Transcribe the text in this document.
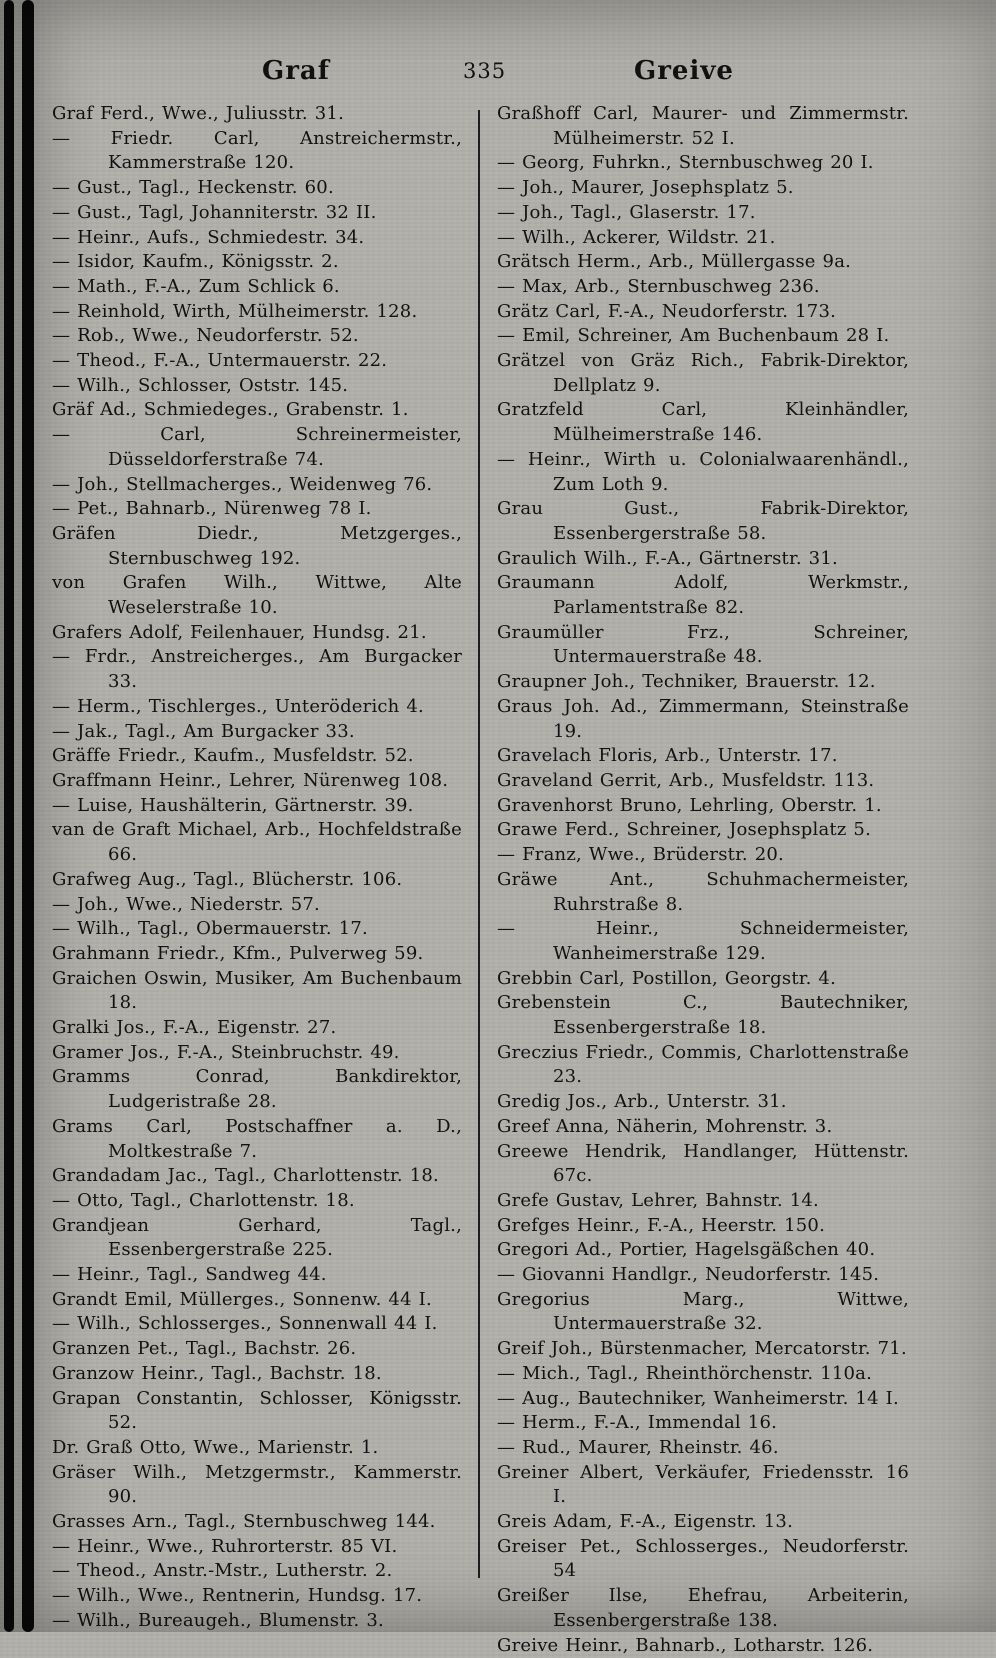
Graf	335	Greive
Graf Ferd., Wwe., Juliusstr. 31.
— Friedr. Carl, Anstreichermstr., Kammerstraße 120.
— Gust., Tagl., Heckenstr. 60.
— Gust., Tagl, Johanniterstr. 32 II.
— Heinr., Aufs., Schmiedestr. 34.
— Isidor, Kaufm., Königsstr. 2.
— Math., F.-A., Zum Schlick 6.
— Reinhold, Wirth, Mülheimerstr. 128.
— Rob., Wwe., Neudorferstr. 52.
— Theod., F.-A., Untermauerstr. 22.
— Wilh., Schlosser, Oststr. 145.
Gräf Ad., Schmiedeges., Grabenstr. 1.
— Carl, Schreinermeister, Düsseldorferstraße 74.
— Joh., Stellmacherges., Weidenweg 76.
— Pet., Bahnarb., Nürenweg 78 I.
Gräfen Diedr., Metzgerges., Sternbuschweg 192.
von Grafen Wilh., Wittwe, Alte Weselerstraße 10.
Grafers Adolf, Feilenhauer, Hundsg. 21.
— Frdr., Anstreicherges., Am Burgacker 33.
— Herm., Tischlerges., Unteröderich 4.
— Jak., Tagl., Am Burgacker 33.
Gräffe Friedr., Kaufm., Musfeldstr. 52.
Graffmann Heinr., Lehrer, Nürenweg 108.
— Luise, Haushälterin, Gärtnerstr. 39.
van de Graft Michael, Arb., Hochfeldstraße 66.
Grafweg Aug., Tagl., Blücherstr. 106.
— Joh., Wwe., Niederstr. 57.
— Wilh., Tagl., Obermauerstr. 17.
Grahmann Friedr., Kfm., Pulverweg 59.
Graichen Oswin, Musiker, Am Buchenbaum 18.
Gralki Jos., F.-A., Eigenstr. 27.
Gramer Jos., F.-A., Steinbruchstr. 49.
Gramms Conrad, Bankdirektor, Ludgeristraße 28.
Grams Carl, Postschaffner a. D., Moltkestraße 7.
Grandadam Jac., Tagl., Charlottenstr. 18.
— Otto, Tagl., Charlottenstr. 18.
Grandjean Gerhard, Tagl., Essenbergerstraße 225.
— Heinr., Tagl., Sandweg 44.
Grandt Emil, Müllerges., Sonnenw. 44 I.
— Wilh., Schlosserges., Sonnenwall 44 I.
Granzen Pet., Tagl., Bachstr. 26.
Granzow Heinr., Tagl., Bachstr. 18.
Grapan Constantin, Schlosser, Königsstr. 52.
Dr. Graß Otto, Wwe., Marienstr. 1.
Gräser Wilh., Metzgermstr., Kammerstr. 90.
Grasses Arn., Tagl., Sternbuschweg 144.
— Heinr., Wwe., Ruhrorterstr. 85 VI.
— Theod., Anstr.-Mstr., Lutherstr. 2.
— Wilh., Wwe., Rentnerin, Hundsg. 17.
— Wilh., Bureaugeh., Blumenstr. 3.
Graßhoff Carl, Maurer- und Zimmermstr. Mülheimerstr. 52 I.
— Georg, Fuhrkn., Sternbuschweg 20 I.
— Joh., Maurer, Josephsplatz 5.
— Joh., Tagl., Glaserstr. 17.
— Wilh., Ackerer, Wildstr. 21.
Grätsch Herm., Arb., Müllergasse 9a.
— Max, Arb., Sternbuschweg 236.
Grätz Carl, F.-A., Neudorferstr. 173.
— Emil, Schreiner, Am Buchenbaum 28 I.
Grätzel von Gräz Rich., Fabrik-Direktor, Dellplatz 9.
Gratzfeld Carl, Kleinhändler, Mülheimerstraße 146.
— Heinr., Wirth u. Colonialwaarenhändl., Zum Loth 9.
Grau Gust., Fabrik-Direktor, Essenbergerstraße 58.
Graulich Wilh., F.-A., Gärtnerstr. 31.
Graumann Adolf, Werkmstr., Parlamentstraße 82.
Graumüller Frz., Schreiner, Untermauerstraße 48.
Graupner Joh., Techniker, Brauerstr. 12.
Graus Joh. Ad., Zimmermann, Steinstraße 19.
Gravelach Floris, Arb., Unterstr. 17.
Graveland Gerrit, Arb., Musfeldstr. 113.
Gravenhorst Bruno, Lehrling, Oberstr. 1.
Grawe Ferd., Schreiner, Josephsplatz 5.
— Franz, Wwe., Brüderstr. 20.
Gräwe Ant., Schuhmachermeister, Ruhrstraße 8.
— Heinr., Schneidermeister, Wanheimerstraße 129.
Grebbin Carl, Postillon, Georgstr. 4.
Grebenstein C., Bautechniker, Essenbergerstraße 18.
Greczius Friedr., Commis, Charlottenstraße 23.
Gredig Jos., Arb., Unterstr. 31.
Greef Anna, Näherin, Mohrenstr. 3.
Greewe Hendrik, Handlanger, Hüttenstr. 67c.
Grefe Gustav, Lehrer, Bahnstr. 14.
Grefges Heinr., F.-A., Heerstr. 150.
Gregori Ad., Portier, Hagelsgäßchen 40.
— Giovanni Handlgr., Neudorferstr. 145.
Gregorius Marg., Wittwe, Untermauerstraße 32.
Greif Joh., Bürstenmacher, Mercatorstr. 71.
— Mich., Tagl., Rheinthörchenstr. 110a.
— Aug., Bautechniker, Wanheimerstr. 14 I.
— Herm., F.-A., Immendal 16.
— Rud., Maurer, Rheinstr. 46.
Greiner Albert, Verkäufer, Friedensstr. 16 I.
Greis Adam, F.-A., Eigenstr. 13.
Greiser Pet., Schlosserges., Neudorferstr. 54
Greißer Ilse, Ehefrau, Arbeiterin, Essenbergerstraße 138.
Greive Heinr., Bahnarb., Lotharstr. 126.
